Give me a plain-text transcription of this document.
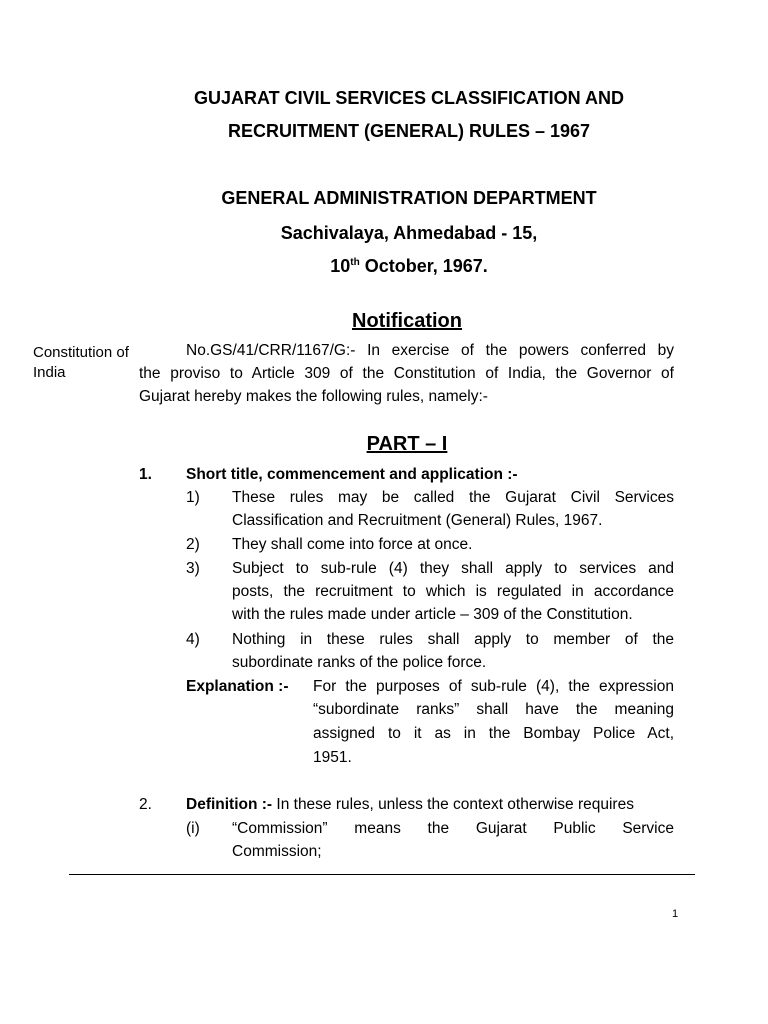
GUJARAT CIVIL SERVICES CLASSIFICATION AND
RECRUITMENT (GENERAL) RULES – 1967
GENERAL ADMINISTRATION DEPARTMENT
Sachivalaya, Ahmedabad - 15,
10th October, 1967.
Notification
Constitution of India
No.GS/41/CRR/1167/G:- In exercise of the powers conferred by
the proviso to Article 309 of the Constitution of India, the Governor of
Gujarat hereby makes the following rules, namely:-
PART – I
1. Short title, commencement and application :-
1) These rules may be called the Gujarat Civil Services
Classification and Recruitment (General) Rules, 1967.
2) They shall come into force at once.
3) Subject to sub-rule (4) they shall apply to services and
posts, the recruitment to which is regulated in accordance
with the rules made under article – 309 of the Constitution.
4) Nothing in these rules shall apply to member of the
subordinate ranks of the police force.
Explanation :- For the purposes of sub-rule (4), the expression
“subordinate ranks” shall have the meaning
assigned to it as in the Bombay Police Act,
1951.
2. Definition :- In these rules, unless the context otherwise requires
(i) “Commission” means the Gujarat Public Service
Commission;
1
